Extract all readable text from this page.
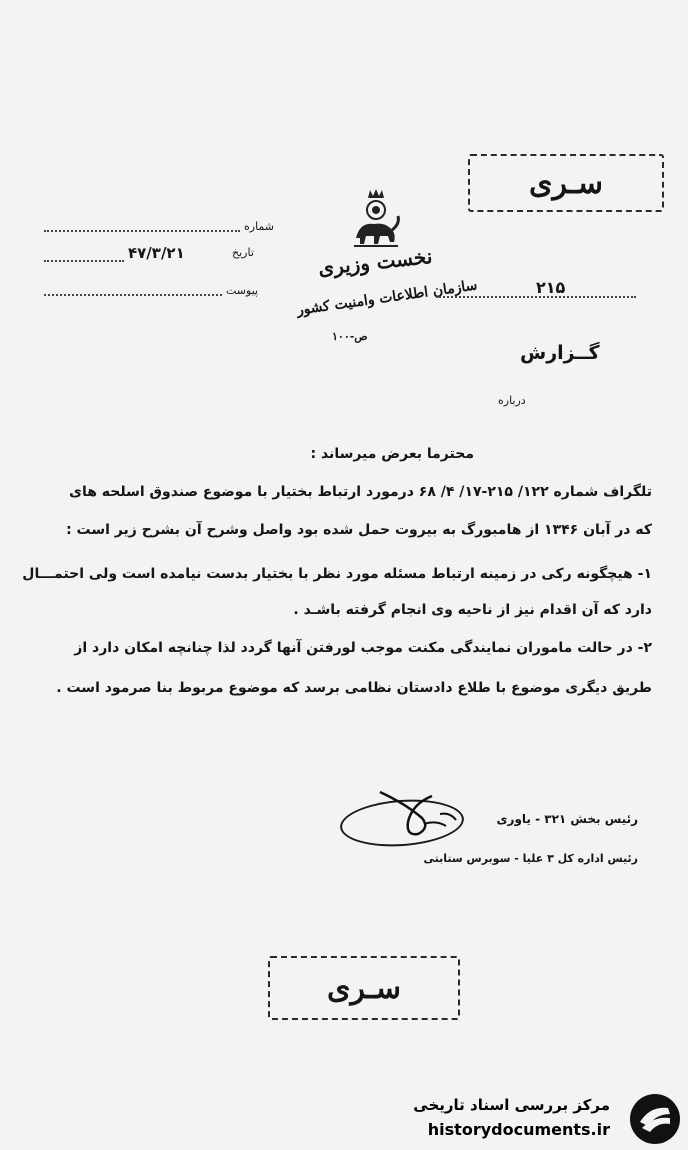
سـری
نخست وزیری
سازمان اطلاعات وامنیت کشور
ص-۱۰۰
شماره
تاریخ
۴۷/۳/۲۱
پیوست	۲۱۵
گــزارش
درباره
محترما بعرض میرساند :
تلگراف شماره ۱۲۲/ ۲۱۵-۱۷/ ۴/ ۶۸ درمورد ارتباط بختیار با موضوع صندوق اسلحه های
که در آبان ۱۳۴۶ از هامبورگ به بیروت حمل شده بود واصل وشرح آن بشرح زیر است :
۱- هیچگونه رکی در زمینه ارتباط مسئله مورد نظر با بختیار بدست نیامده است ولی احتمـــال
دارد که آن اقدام نیز از ناحیه وی انجام گرفته باشـد .
۲- در حالت ماموران نمایندگی مکنت موجب لورفتن آنها گردد لذا چنانچه امکان دارد از
طریق دیگری موضوع با طلاع دادستان نظامی برسد که موضوع مربوط بنا صرمود است .
رئیس بخش ۳۲۱ - یاوری
رئیس اداره کل ۳ علیا - سوبرس ستابتی
سـری
مرکز بررسی اسناد تاریخی
historydocuments.ir
